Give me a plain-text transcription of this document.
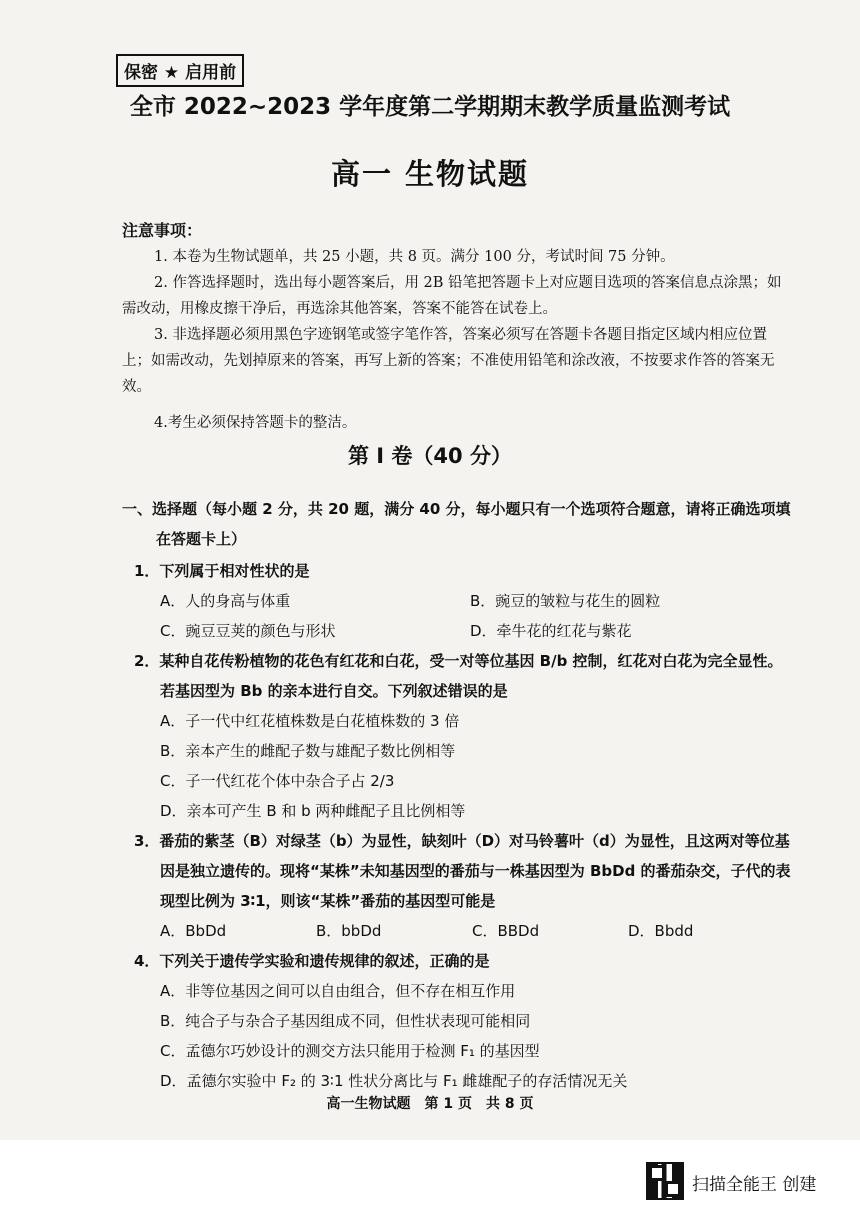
保密 ★ 启用前
全市 2022~2023 学年度第二学期期末教学质量监测考试
高一 生物试题
注意事项：

1. 本卷为生物试题单，共 25 小题，共 8 页。满分 100 分，考试时间 75 分钟。

2. 作答选择题时，选出每小题答案后，用 2B 铅笔把答题卡上对应题目选项的答案信息点涂黑；如需改动，用橡皮擦干净后，再选涂其他答案，答案不能答在试卷上。

3. 非选择题必须用黑色字迹钢笔或签字笔作答，答案必须写在答题卡各题目指定区域内相应位置上；如需改动，先划掉原来的答案，再写上新的答案；不准使用铅笔和涂改液，不按要求作答的答案无效。

4.考生必须保持答题卡的整洁。

第 I 卷（40 分）
一、选择题（每小题 2 分，共 20 题，满分 40 分，每小题只有一个选项符合题意，请将正确选项填在答题卡上）
1．下列属于相对性状的是
A．人的身高与体重	B．豌豆的皱粒与花生的圆粒
C．豌豆豆荚的颜色与形状	D．牵牛花的红花与紫花
2．某种自花传粉植物的花色有红花和白花，受一对等位基因 B/b 控制，红花对白花为完全显性。若基因型为 Bb 的亲本进行自交。下列叙述错误的是
A．子一代中红花植株数是白花植株数的 3 倍
B．亲本产生的雌配子数与雄配子数比例相等
C．子一代红花个体中杂合子占 2/3
D．亲本可产生 B 和 b 两种雌配子且比例相等
3．番茄的紫茎（B）对绿茎（b）为显性，缺刻叶（D）对马铃薯叶（d）为显性，且这两对等位基因是独立遗传的。现将“某株”未知基因型的番茄与一株基因型为 BbDd 的番茄杂交，子代的表现型比例为 3∶1，则该“某株”番茄的基因型可能是
A．BbDd	B．bbDd	C．BBDd	D．Bbdd
4．下列关于遗传学实验和遗传规律的叙述，正确的是
A．非等位基因之间可以自由组合，但不存在相互作用
B．纯合子与杂合子基因组成不同，但性状表现可能相同
C．孟德尔巧妙设计的测交方法只能用于检测 F₁ 的基因型
D．孟德尔实验中 F₂ 的 3∶1 性状分离比与 F₁ 雌雄配子的存活情况无关
高一生物试题　第 1 页　共 8 页
扫描全能王 创建
